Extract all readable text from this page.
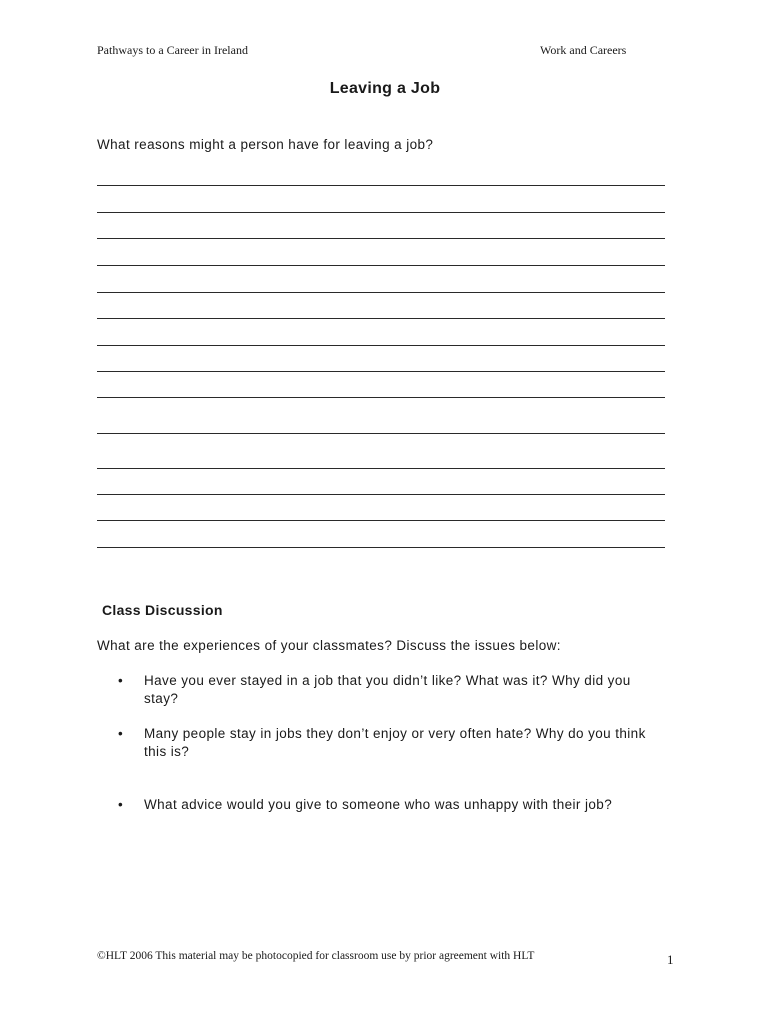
Pathways to a Career in Ireland	Work and Careers
Leaving a Job
What reasons might a person have for leaving a job?
Class Discussion
What are the experiences of your classmates? Discuss the issues below:
• Have you ever stayed in a job that you didn’t like? What was it? Why did you stay?
• Many people stay in jobs they don’t enjoy or very often hate? Why do you think this is?
• What advice would you give to someone who was unhappy with their job?
©HLT 2006 This material may be photocopied for classroom use by prior agreement with HLT	1
